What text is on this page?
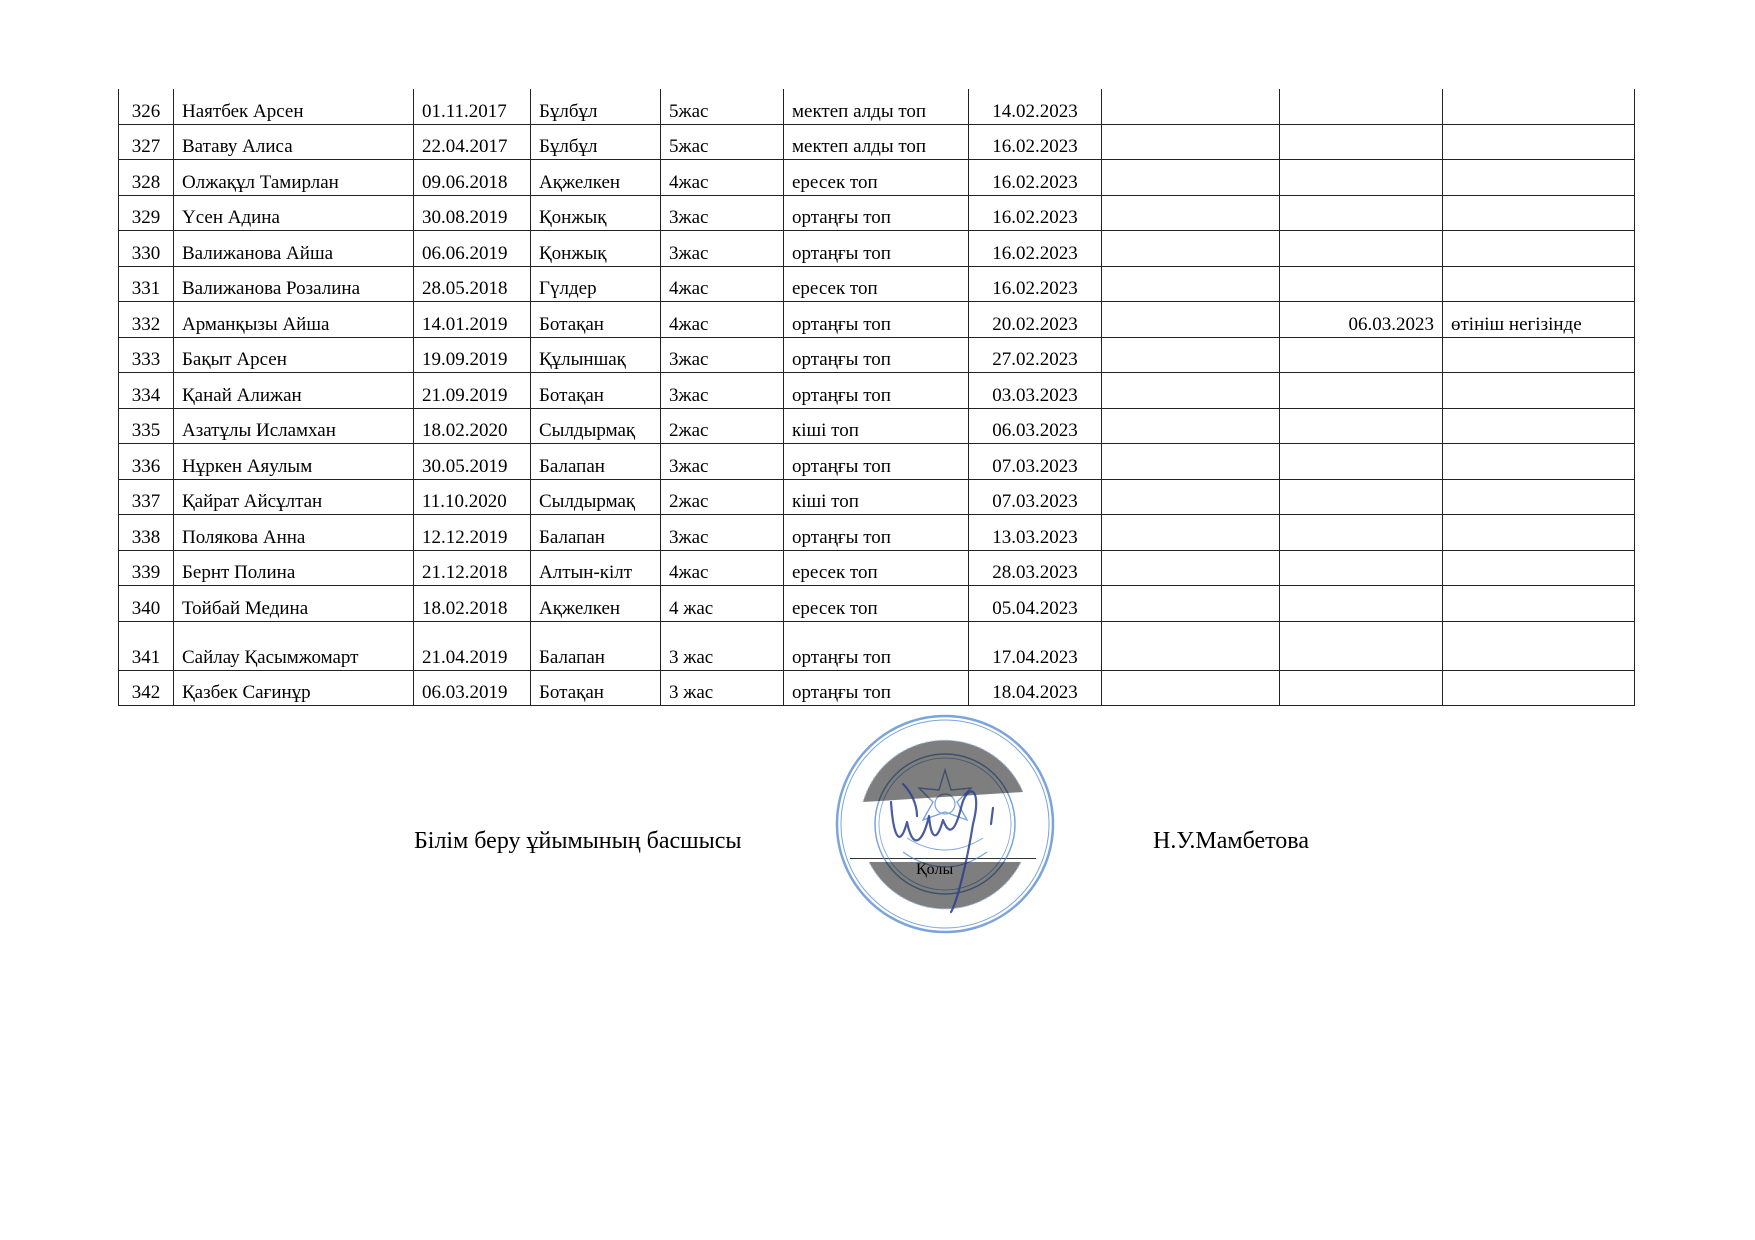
326	Наятбек Арсен	01.11.2017	Бұлбұл	5жас	мектеп алды топ	14.02.2023			
327	Ватаву Алиса	22.04.2017	Бұлбұл	5жас	мектеп алды топ	16.02.2023			
328	Олжақұл Тамирлан	09.06.2018	Ақжелкен	4жас	ересек топ	16.02.2023			
329	Үсен Адина	30.08.2019	Қонжық	3жас	ортаңғы топ	16.02.2023			
330	Валижанова Айша	06.06.2019	Қонжық	3жас	ортаңғы топ	16.02.2023			
331	Валижанова Розалина	28.05.2018	Гүлдер	4жас	ересек топ	16.02.2023			
332	Арманқызы Айша	14.01.2019	Ботақан	4жас	ортаңғы топ	20.02.2023		06.03.2023	өтініш негізінде
333	Бақыт Арсен	19.09.2019	Құлыншақ	3жас	ортаңғы топ	27.02.2023			
334	Қанай Алижан	21.09.2019	Ботақан	3жас	ортаңғы топ	03.03.2023			
335	Азатұлы Исламхан	18.02.2020	Сылдырмақ	2жас	кіші топ	06.03.2023			
336	Нұркен Аяулым	30.05.2019	Балапан	3жас	ортаңғы топ	07.03.2023			
337	Қайрат Айсұлтан	11.10.2020	Сылдырмақ	2жас	кіші топ	07.03.2023			
338	Полякова Анна	12.12.2019	Балапан	3жас	ортаңғы топ	13.03.2023			
339	Бернт Полина	21.12.2018	Алтын-кілт	4жас	ересек топ	28.03.2023			
340	Тойбай Медина	18.02.2018	Ақжелкен	4 жас	ересек топ	05.04.2023			
341	Сайлау Қасымжомарт	21.04.2019	Балапан	3 жас	ортаңғы топ	17.04.2023			
342	Қазбек Сағинұр	06.03.2019	Ботақан	3 жас	ортаңғы топ	18.04.2023			
Білім беру ұйымының басшысы	Н.У.Мамбетова
